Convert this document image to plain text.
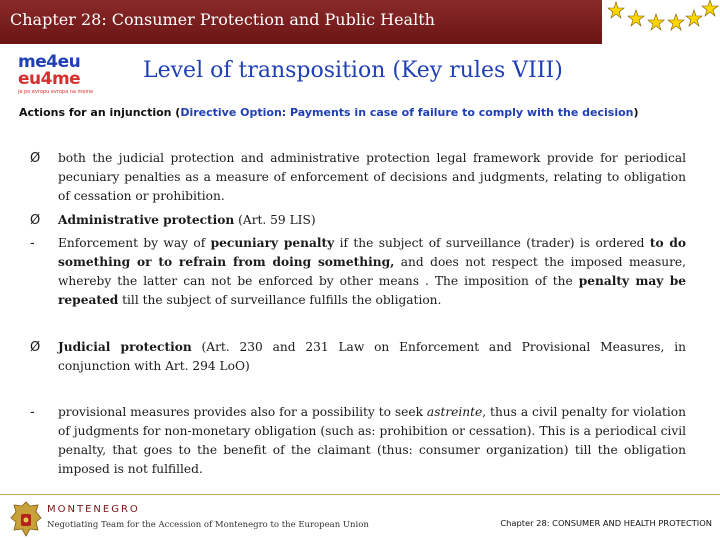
Chapter 28: Consumer Protection and Public Health
me4eu
eu4me
je po evropu evropa na meine
Level of transposition (Key rules VIII)
Actions for an injunction (Directive Option: Payments in case of failure to comply with the decision)
Ø	both the judicial protection and administrative protection legal framework provide for periodical pecuniary penalties as a measure of enforcement of decisions and judgments, relating to obligation of cessation or prohibition.
Ø	Administrative protection (Art. 59 LIS)
-	Enforcement by way of pecuniary penalty if the subject of surveillance (trader) is ordered to do something or to refrain from doing something, and does not respect the imposed measure, whereby the latter can not be enforced by other means . The imposition of the penalty may be repeated till the subject of surveillance fulfills the obligation.
Ø	Judicial protection (Art. 230 and 231 Law on Enforcement and Provisional Measures, in conjunction with Art. 294 LoO)
-	provisional measures provides also for a possibility to seek astreinte, thus a civil penalty for violation of judgments for non-monetary obligation (such as: prohibition or cessation). This is a periodical civil penalty, that goes to the benefit of the claimant (thus: consumer organization) till the obligation imposed is not fulfilled.
MONTENEGRO
Negotiating Team for the Accession of Montenegro to the European Union	Chapter 28: CONSUMER AND HEALTH PROTECTION
